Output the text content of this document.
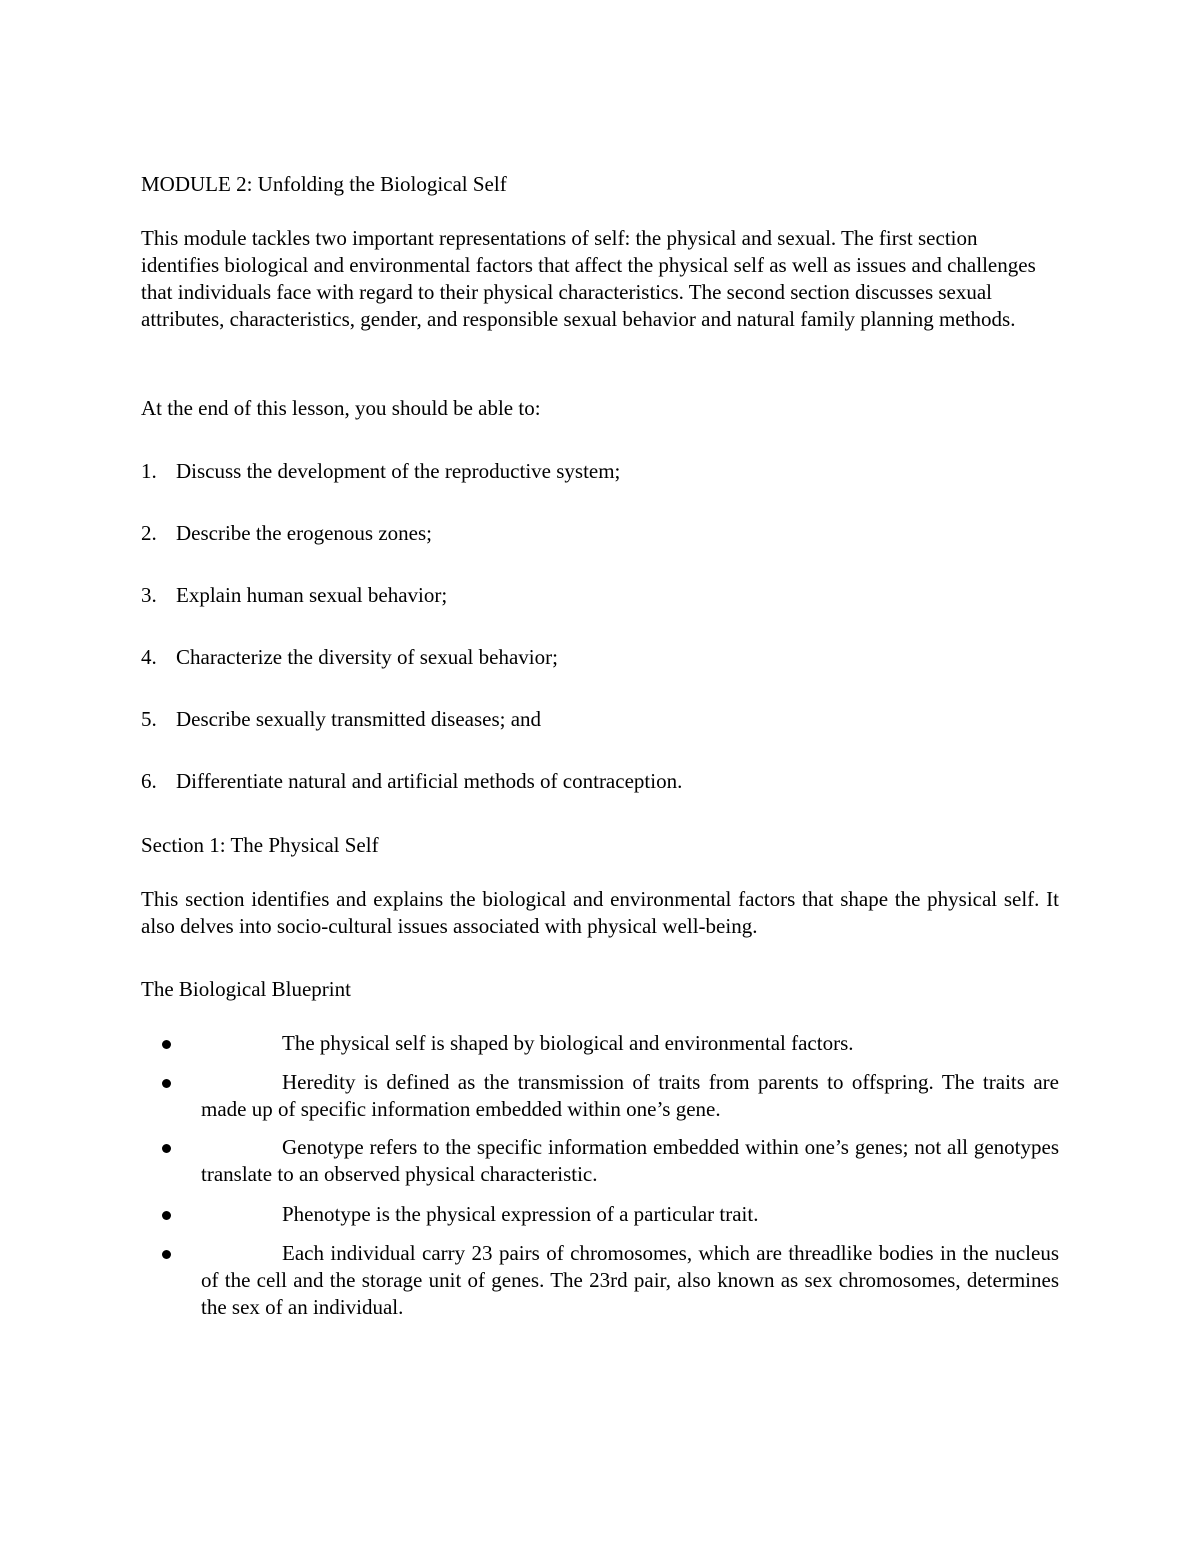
MODULE 2: Unfolding the Biological Self
This module tackles two important representations of self: the physical and sexual. The first section identifies biological and environmental factors that affect the physical self as well as issues and challenges that individuals face with regard to their physical characteristics. The second section discusses sexual attributes, characteristics, gender, and responsible sexual behavior and natural family planning methods.
At the end of this lesson, you should be able to:
1. Discuss the development of the reproductive system;
2. Describe the erogenous zones;
3. Explain human sexual behavior;
4. Characterize the diversity of sexual behavior;
5. Describe sexually transmitted diseases; and
6. Differentiate natural and artificial methods of contraception.
Section 1: The Physical Self
This section identifies and explains the biological and environmental factors that shape the physical self. It also delves into socio-cultural issues associated with physical well-being.
The Biological Blueprint
The physical self is shaped by biological and environmental factors.
Heredity is defined as the transmission of traits from parents to offspring. The traits are made up of specific information embedded within one’s gene.
Genotype refers to the specific information embedded within one’s genes; not all genotypes translate to an observed physical characteristic.
Phenotype is the physical expression of a particular trait.
Each individual carry 23 pairs of chromosomes, which are threadlike bodies in the nucleus of the cell and the storage unit of genes. The 23rd pair, also known as sex chromosomes, determines the sex of an individual.
